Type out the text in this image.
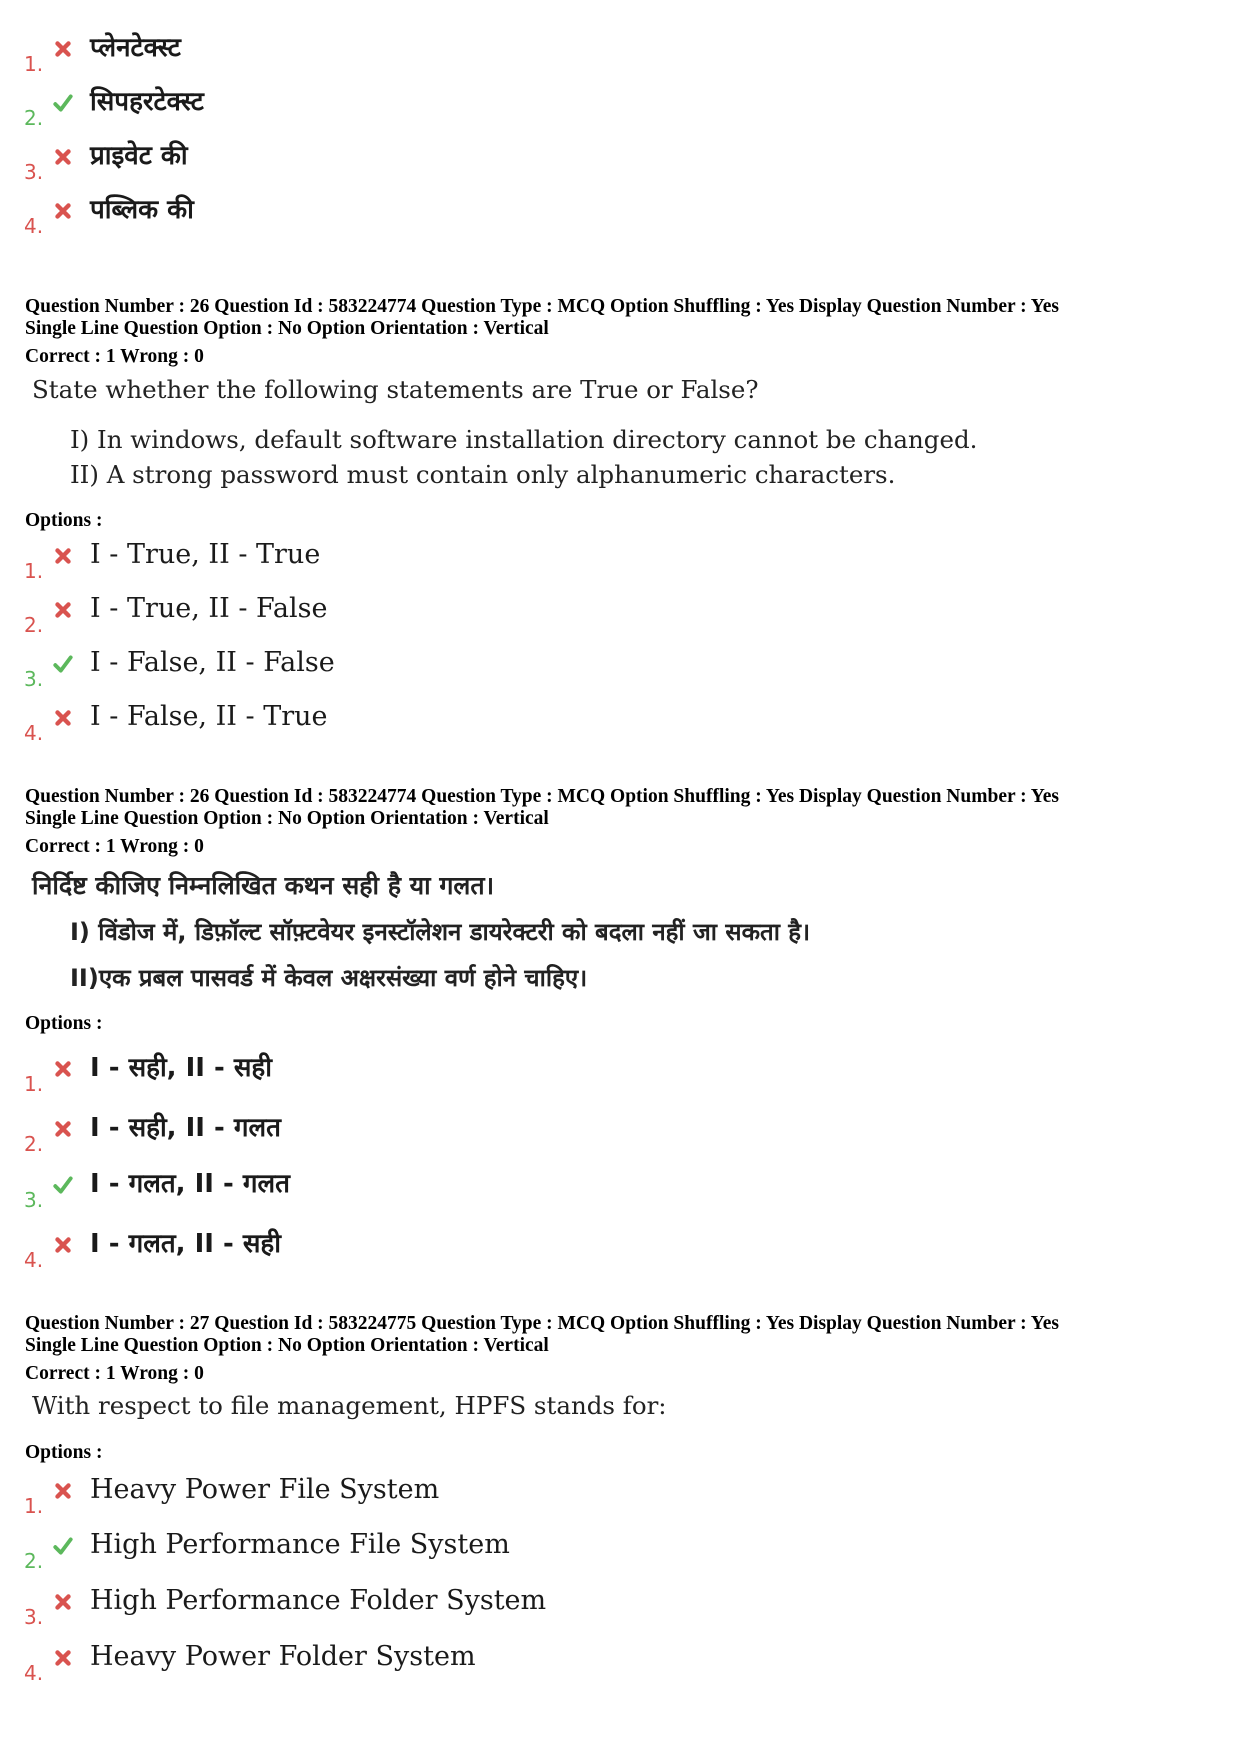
1.
प्लेनटेक्स्ट
2.
सिपहरटेक्स्ट
3.
प्राइवेट की
4.
पब्लिक की
Question Number : 26 Question Id : 583224774 Question Type : MCQ Option Shuffling : Yes Display Question Number : Yes
Single Line Question Option : No Option Orientation : Vertical
Correct : 1 Wrong : 0
State whether the following statements are True or False?
I) In windows, default software installation directory cannot be changed.
II) A strong password must contain only alphanumeric characters.
Options :
1.
I - True, II - True
2.
I - True, II - False
3.
I - False, II - False
4.
I - False, II - True
Question Number : 26 Question Id : 583224774 Question Type : MCQ Option Shuffling : Yes Display Question Number : Yes
Single Line Question Option : No Option Orientation : Vertical
Correct : 1 Wrong : 0
निर्दिष्ट कीजिए निम्नलिखित कथन सही है या गलत।
I) विंडोज में, डिफ़ॉल्ट सॉफ़्टवेयर इनस्टॉलेशन डायरेक्टरी को बदला नहीं जा सकता है।
II)एक प्रबल पासवर्ड में केवल अक्षरसंख्या वर्ण होने चाहिए।
Options :
1.
I - सही, II - सही
2.
I - सही, II - गलत
3.
I - गलत, II - गलत
4.
I - गलत, II - सही
Question Number : 27 Question Id : 583224775 Question Type : MCQ Option Shuffling : Yes Display Question Number : Yes
Single Line Question Option : No Option Orientation : Vertical
Correct : 1 Wrong : 0
With respect to file management, HPFS stands for:
Options :
1.
Heavy Power File System
2.
High Performance File System
3.
High Performance Folder System
4.
Heavy Power Folder System
